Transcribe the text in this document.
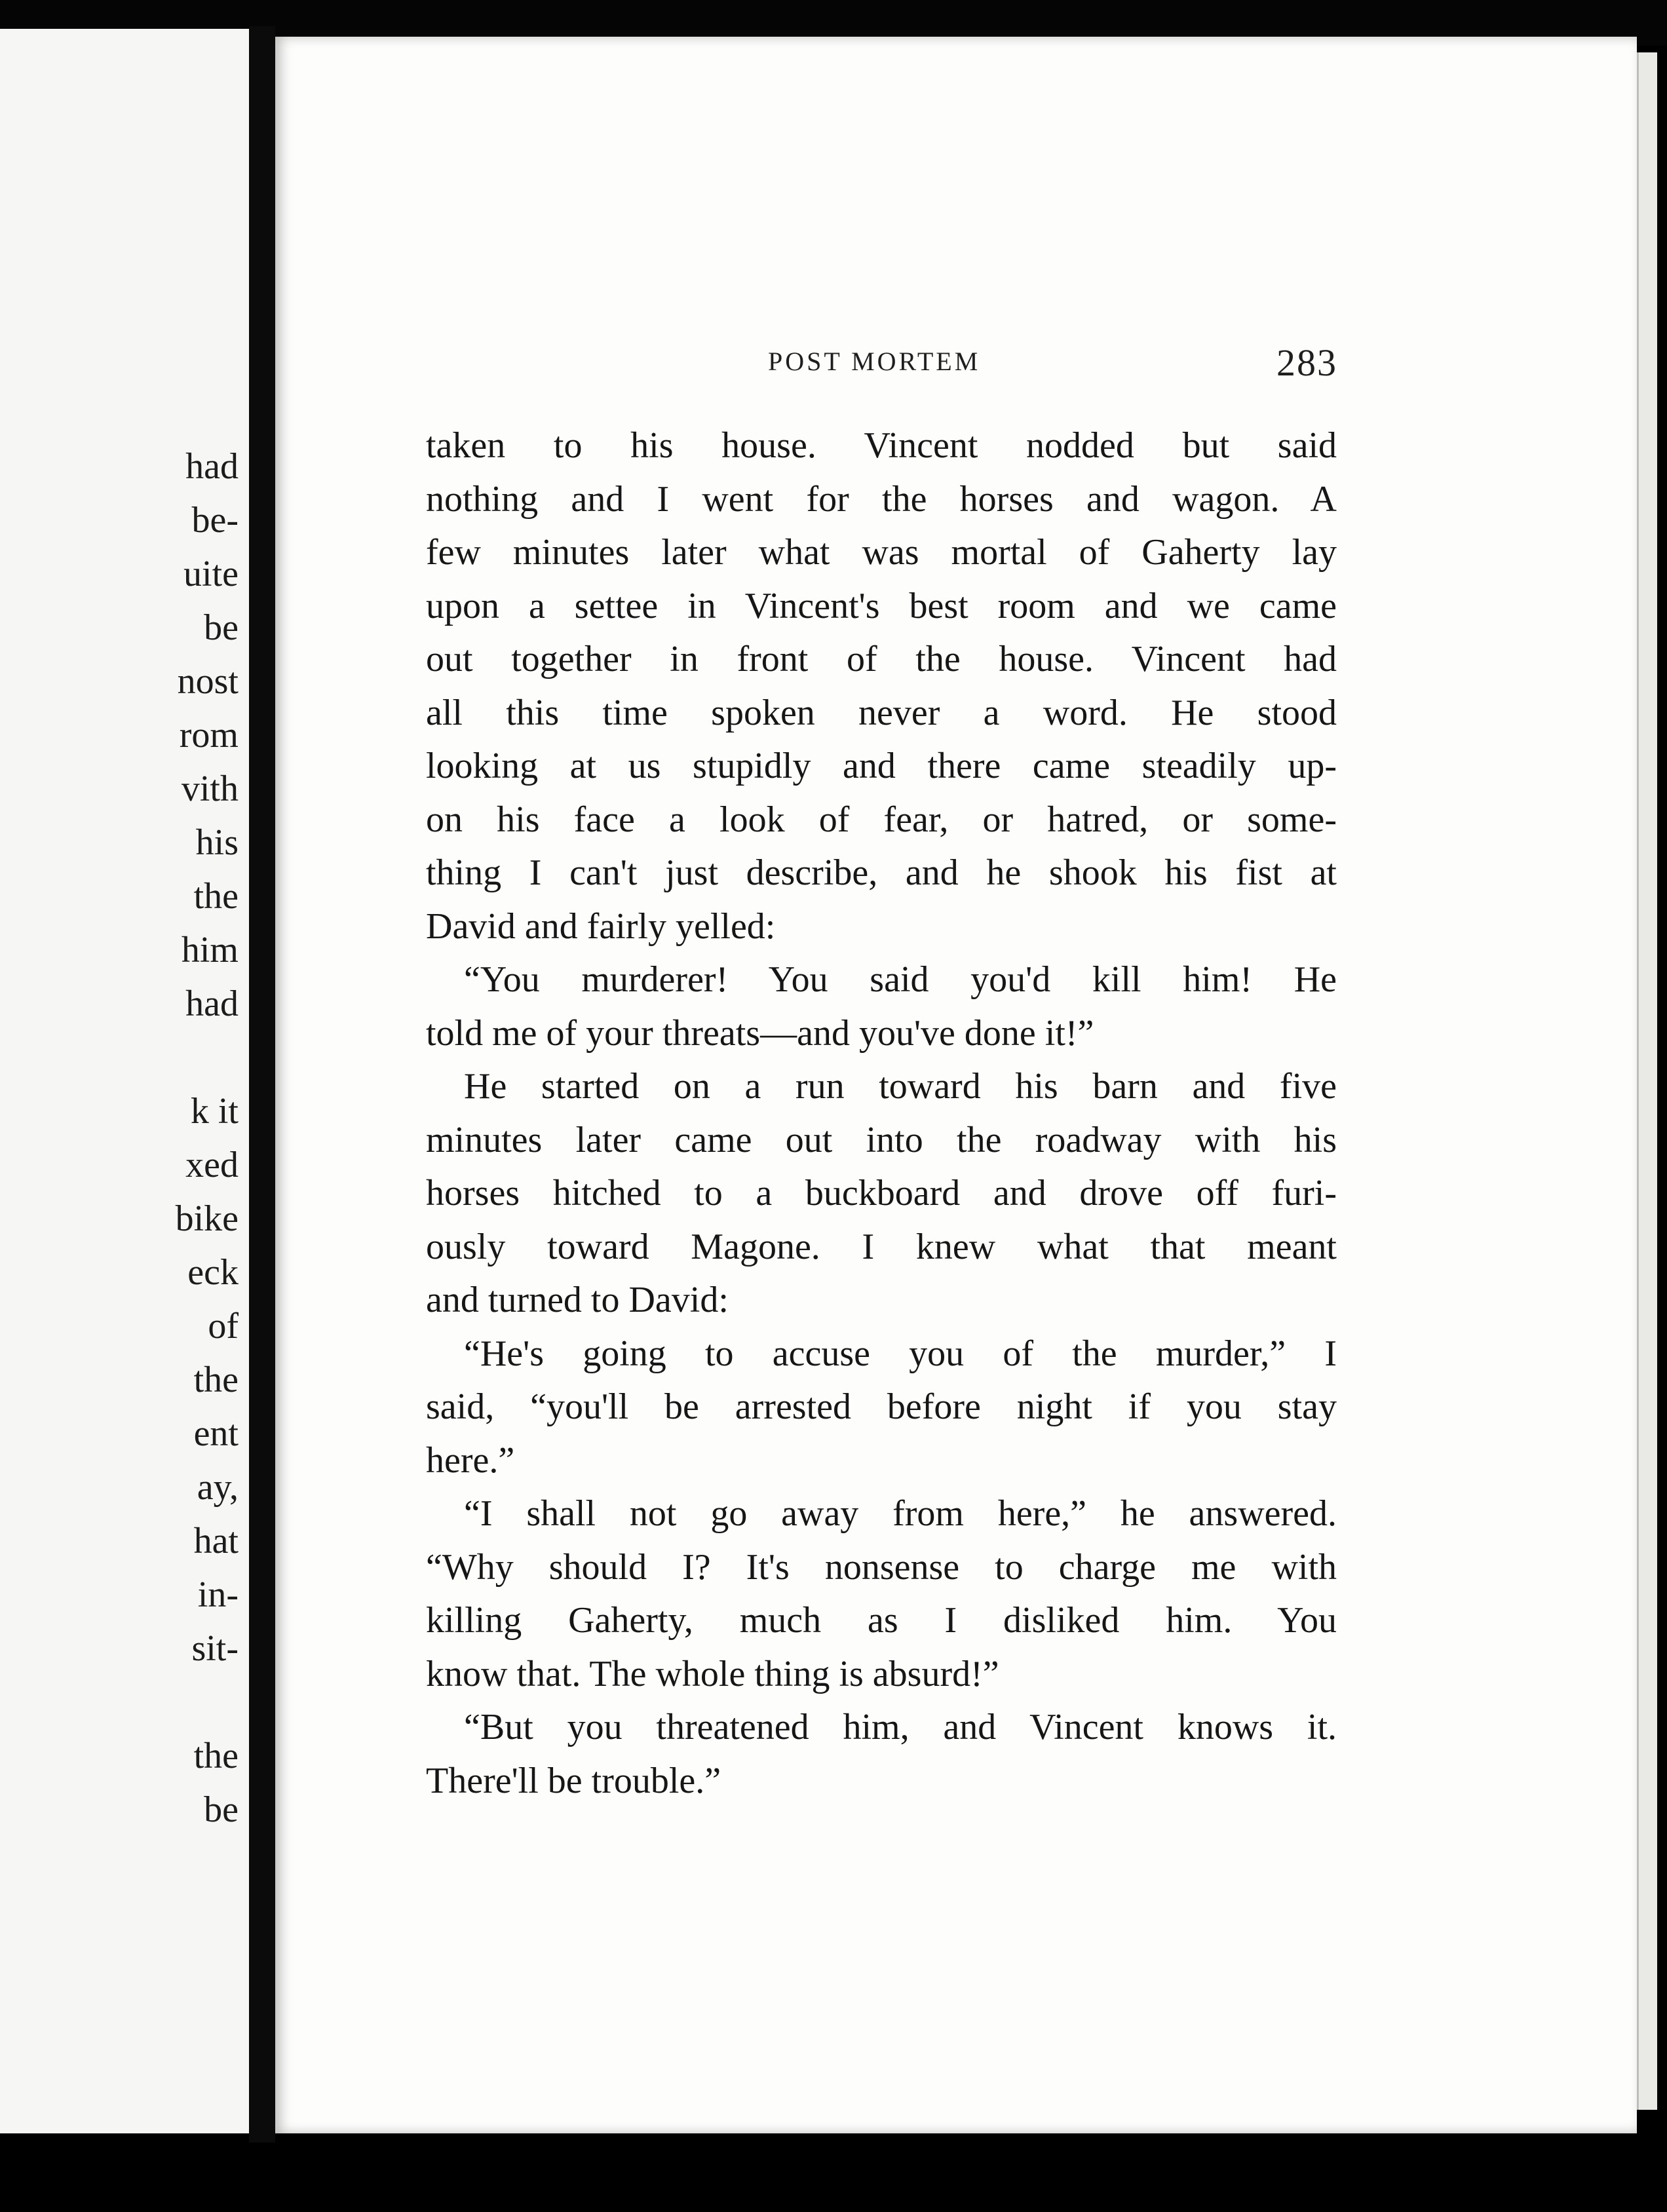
had
be-
uite
be
nost
rom
vith
his
the
him
had
k it
xed
bike
eck
of
the
ent
ay,
hat
in-
sit-
the
be
POST MORTEM	283
taken to his house. Vincent nodded but said
nothing and I went for the horses and wagon. A
few minutes later what was mortal of Gaherty lay
upon a settee in Vincent's best room and we came
out together in front of the house. Vincent had
all this time spoken never a word. He stood
looking at us stupidly and there came steadily up-
on his face a look of fear, or hatred, or some-
thing I can't just describe, and he shook his fist at
David and fairly yelled:
“You murderer! You said you'd kill him! He
told me of your threats—and you've done it!”
He started on a run toward his barn and five
minutes later came out into the roadway with his
horses hitched to a buckboard and drove off furi-
ously toward Magone. I knew what that meant
and turned to David:
“He's going to accuse you of the murder,” I
said, “you'll be arrested before night if you stay
here.”
“I shall not go away from here,” he answered.
“Why should I? It's nonsense to charge me with
killing Gaherty, much as I disliked him. You
know that. The whole thing is absurd!”
“But you threatened him, and Vincent knows it.
There'll be trouble.”
